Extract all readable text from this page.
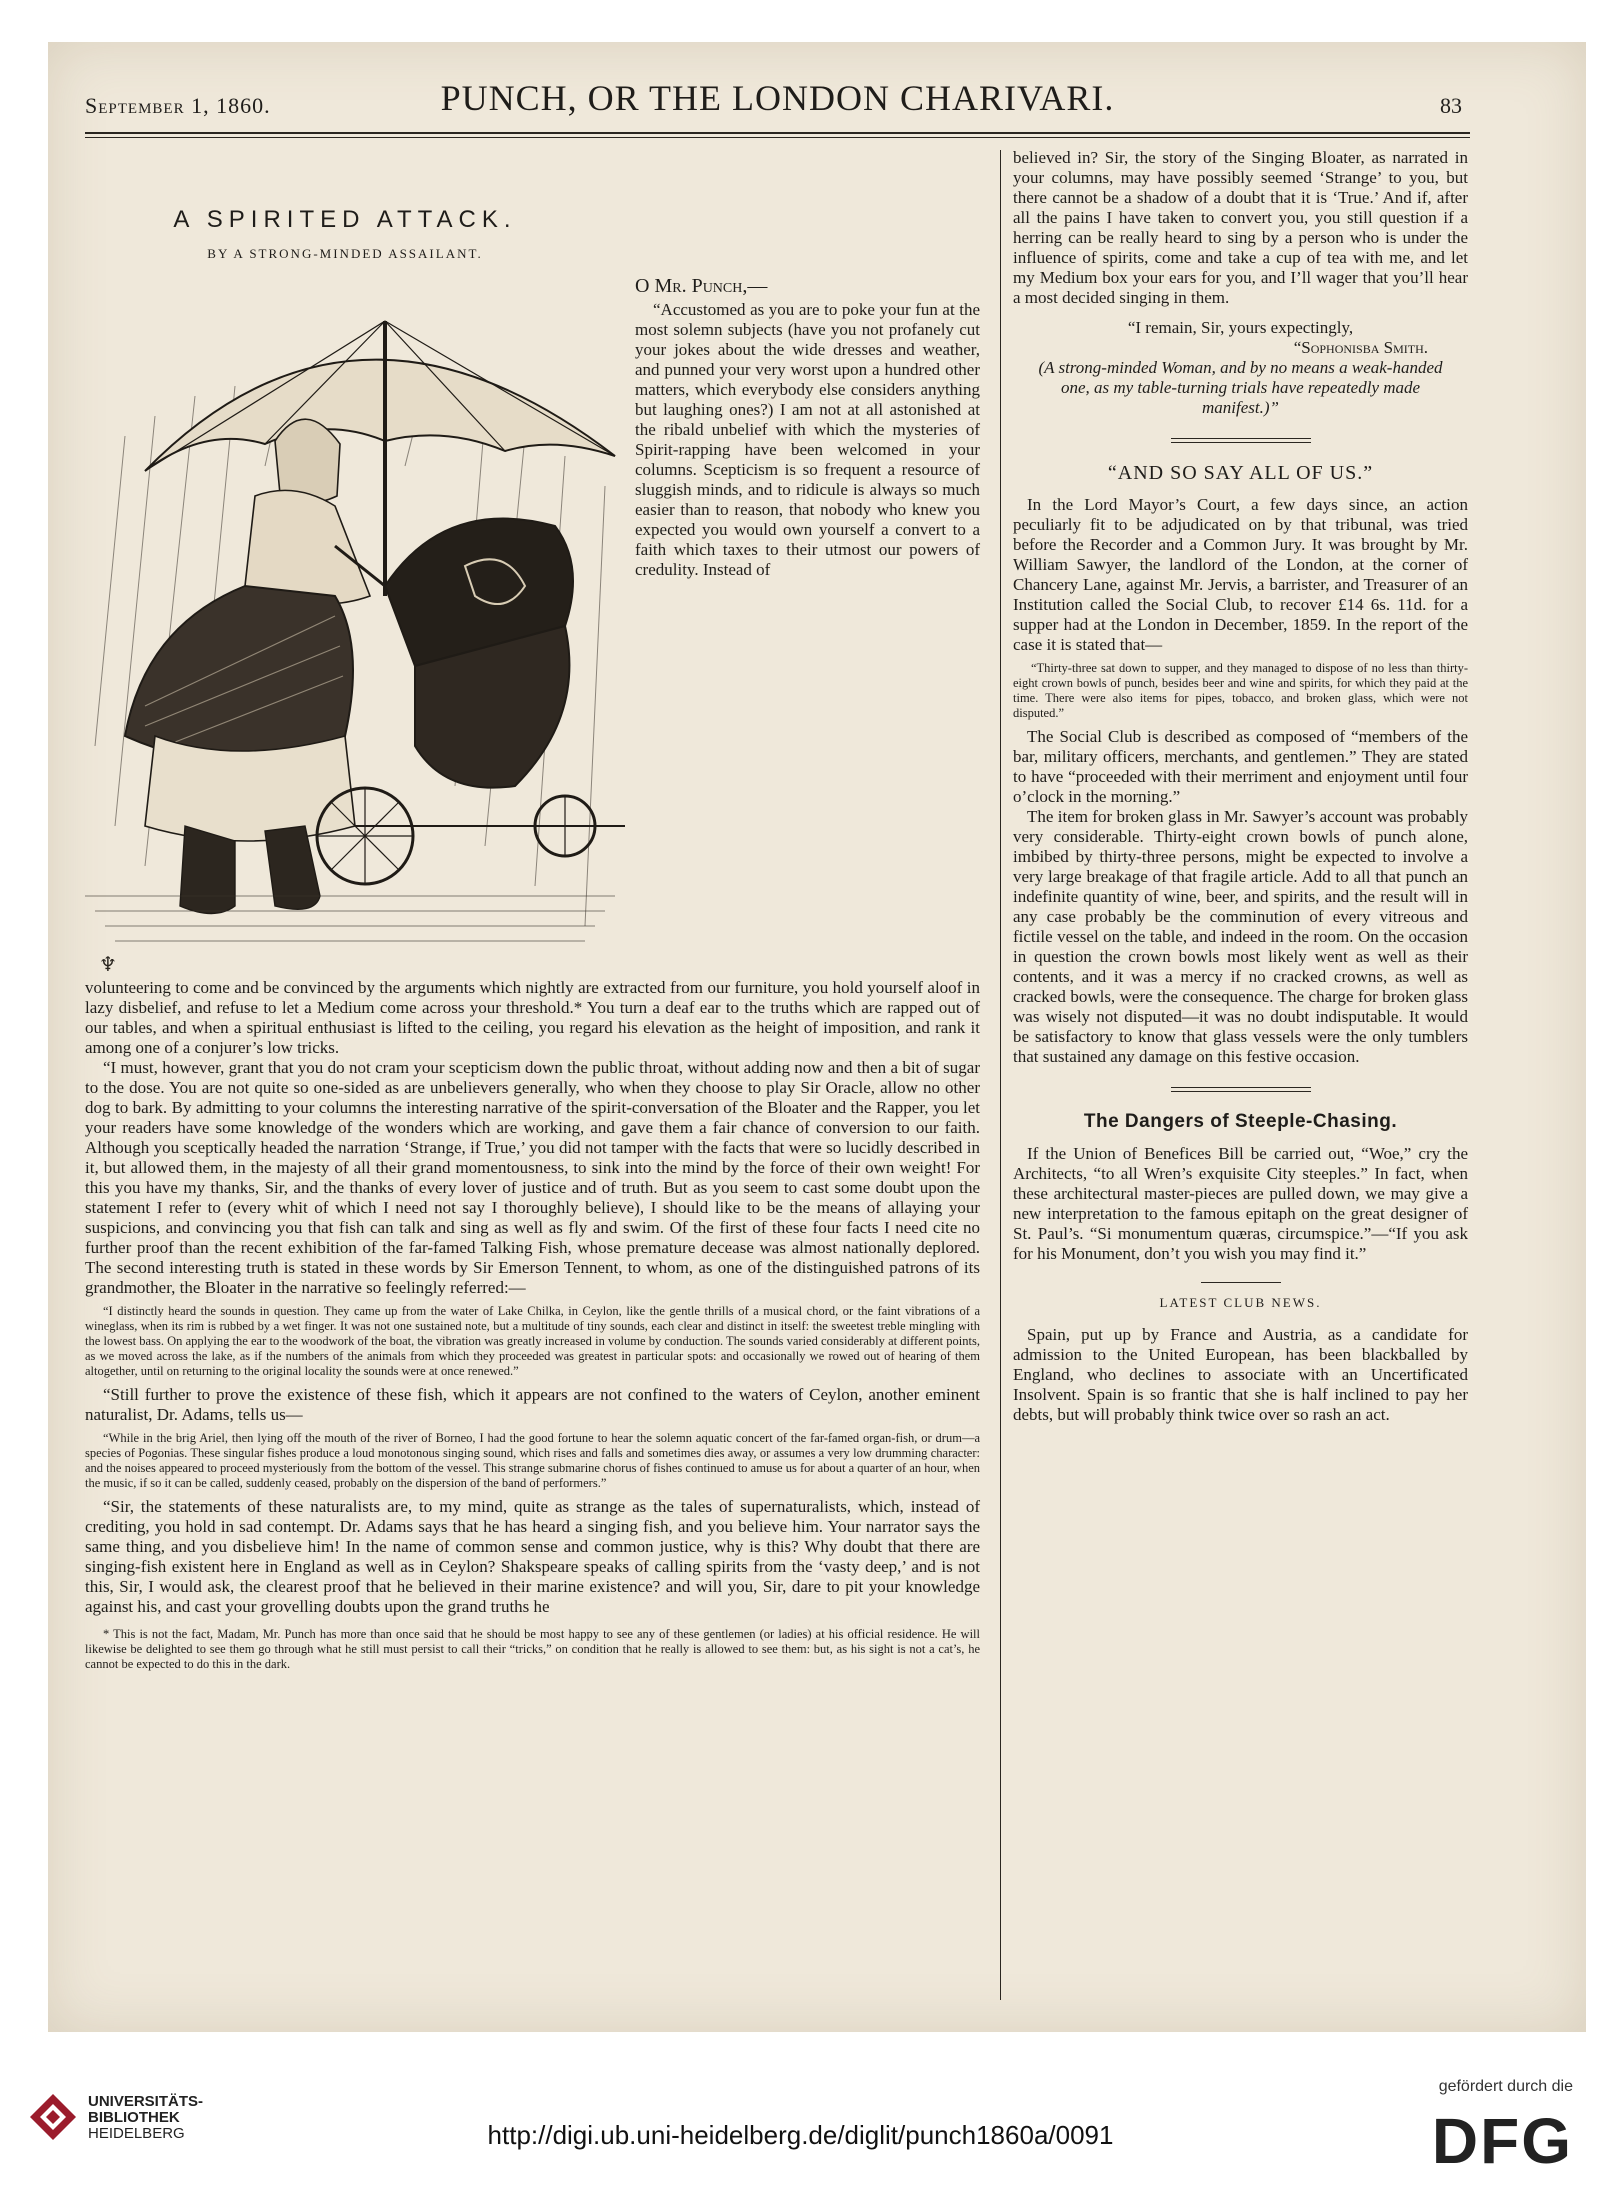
September 1, 1860.	PUNCH, OR THE LONDON CHARIVARI.	83
A SPIRITED ATTACK.
BY A STRONG-MINDED ASSAILANT.
♆

O Mr. Punch,—

“Accustomed as you are to poke your fun at the most solemn subjects (have you not profanely cut your jokes about the wide dresses and weather, and punned your very worst upon a hundred other matters, which everybody else considers anything but laughing ones?) I am not at all astonished at the ribald unbelief with which the mysteries of Spirit-rapping have been welcomed in your columns. Scepticism is so frequent a resource of sluggish minds, and to ridicule is always so much easier than to reason, that nobody who knew you expected you would own yourself a convert to a faith which taxes to their utmost our powers of credulity. Instead of

volunteering to come and be convinced by the arguments which nightly are extracted from our furniture, you hold yourself aloof in lazy disbelief, and refuse to let a Medium come across your threshold.* You turn a deaf ear to the truths which are rapped out of our tables, and when a spiritual enthusiast is lifted to the ceiling, you regard his elevation as the height of imposition, and rank it among one of a conjurer’s low tricks.

“I must, however, grant that you do not cram your scepticism down the public throat, without adding now and then a bit of sugar to the dose. You are not quite so one-sided as are unbelievers generally, who when they choose to play Sir Oracle, allow no other dog to bark. By admitting to your columns the interesting narrative of the spirit-conversation of the Bloater and the Rapper, you let your readers have some knowledge of the wonders which are working, and gave them a fair chance of conversion to our faith. Although you sceptically headed the narration ‘Strange, if True,’ you did not tamper with the facts that were so lucidly described in it, but allowed them, in the majesty of all their grand momentousness, to sink into the mind by the force of their own weight! For this you have my thanks, Sir, and the thanks of every lover of justice and of truth. But as you seem to cast some doubt upon the statement I refer to (every whit of which I need not say I thoroughly believe), I should like to be the means of allaying your suspicions, and convincing you that fish can talk and sing as well as fly and swim. Of the first of these four facts I need cite no further proof than the recent exhibition of the far-famed Talking Fish, whose premature decease was almost nationally deplored. The second interesting truth is stated in these words by Sir Emerson Tennent, to whom, as one of the distinguished patrons of its grandmother, the Bloater in the narrative so feelingly referred:—

“I distinctly heard the sounds in question. They came up from the water of Lake Chilka, in Ceylon, like the gentle thrills of a musical chord, or the faint vibrations of a wineglass, when its rim is rubbed by a wet finger. It was not one sustained note, but a multitude of tiny sounds, each clear and distinct in itself: the sweetest treble mingling with the lowest bass. On applying the ear to the woodwork of the boat, the vibration was greatly increased in volume by conduction. The sounds varied considerably at different points, as we moved across the lake, as if the numbers of the animals from which they proceeded was greatest in particular spots: and occasionally we rowed out of hearing of them altogether, until on returning to the original locality the sounds were at once renewed.”

“Still further to prove the existence of these fish, which it appears are not confined to the waters of Ceylon, another eminent naturalist, Dr. Adams, tells us—

“While in the brig Ariel, then lying off the mouth of the river of Borneo, I had the good fortune to hear the solemn aquatic concert of the far-famed organ-fish, or drum—a species of Pogonias. These singular fishes produce a loud monotonous singing sound, which rises and falls and sometimes dies away, or assumes a very low drumming character: and the noises appeared to proceed mysteriously from the bottom of the vessel. This strange submarine chorus of fishes continued to amuse us for about a quarter of an hour, when the music, if so it can be called, suddenly ceased, probably on the dispersion of the band of performers.”

“Sir, the statements of these naturalists are, to my mind, quite as strange as the tales of supernaturalists, which, instead of crediting, you hold in sad contempt. Dr. Adams says that he has heard a singing fish, and you believe him. Your narrator says the same thing, and you disbelieve him! In the name of common sense and common justice, why is this? Why doubt that there are singing-fish existent here in England as well as in Ceylon? Shakspeare speaks of calling spirits from the ‘vasty deep,’ and is not this, Sir, I would ask, the clearest proof that he believed in their marine existence? and will you, Sir, dare to pit your knowledge against his, and cast your grovelling doubts upon the grand truths he

* This is not the fact, Madam, Mr. Punch has more than once said that he should be most happy to see any of these gentlemen (or ladies) at his official residence. He will likewise be delighted to see them go through what he still must persist to call their “tricks,” on condition that he really is allowed to see them: but, as his sight is not a cat’s, he cannot be expected to do this in the dark.

believed in? Sir, the story of the Singing Bloater, as narrated in your columns, may have possibly seemed ‘Strange’ to you, but there cannot be a shadow of a doubt that it is ‘True.’ And if, after all the pains I have taken to convert you, you still question if a herring can be really heard to sing by a person who is under the influence of spirits, come and take a cup of tea with me, and let my Medium box your ears for you, and I’ll wager that you’ll hear a most decided singing in them.

“I remain, Sir, yours expectingly,

“Sophonisba Smith.

(A strong-minded Woman, and by no means a weak-handed one, as my table-turning trials have repeatedly made manifest.)”

“AND SO SAY ALL OF US.”

In the Lord Mayor’s Court, a few days since, an action peculiarly fit to be adjudicated on by that tribunal, was tried before the Recorder and a Common Jury. It was brought by Mr. William Sawyer, the landlord of the London, at the corner of Chancery Lane, against Mr. Jervis, a barrister, and Treasurer of an Institution called the Social Club, to recover £14 6s. 11d. for a supper had at the London in December, 1859. In the report of the case it is stated that—

“Thirty-three sat down to supper, and they managed to dispose of no less than thirty-eight crown bowls of punch, besides beer and wine and spirits, for which they paid at the time. There were also items for pipes, tobacco, and broken glass, which were not disputed.”

The Social Club is described as composed of “members of the bar, military officers, merchants, and gentlemen.” They are stated to have “proceeded with their merriment and enjoyment until four o’clock in the morning.”

The item for broken glass in Mr. Sawyer’s account was probably very considerable. Thirty-eight crown bowls of punch alone, imbibed by thirty-three persons, might be expected to involve a very large breakage of that fragile article. Add to all that punch an indefinite quantity of wine, beer, and spirits, and the result will in any case probably be the comminution of every vitreous and fictile vessel on the table, and indeed in the room. On the occasion in question the crown bowls most likely went as well as their contents, and it was a mercy if no cracked crowns, as well as cracked bowls, were the consequence. The charge for broken glass was wisely not disputed—it was no doubt indisputable. It would be satisfactory to know that glass vessels were the only tumblers that sustained any damage on this festive occasion.

The Dangers of Steeple-Chasing.

If the Union of Benefices Bill be carried out, “Woe,” cry the Architects, “to all Wren’s exquisite City steeples.” In fact, when these architectural master-pieces are pulled down, we may give a new interpretation to the famous epitaph on the great designer of St. Paul’s. “Si monumentum quæras, circumspice.”—“If you ask for his Monument, don’t you wish you may find it.”

LATEST CLUB NEWS.

Spain, put up by France and Austria, as a candidate for admission to the United European, has been blackballed by England, who declines to associate with an Uncertificated Insolvent. Spain is so frantic that she is half inclined to pay her debts, but will probably think twice over so rash an act.

UNIVERSITÄTS-
BIBLIOTHEK
HEIDELBERG	http://digi.ub.uni-heidelberg.de/diglit/punch1860a/0091
gefördert durch die
DFG
